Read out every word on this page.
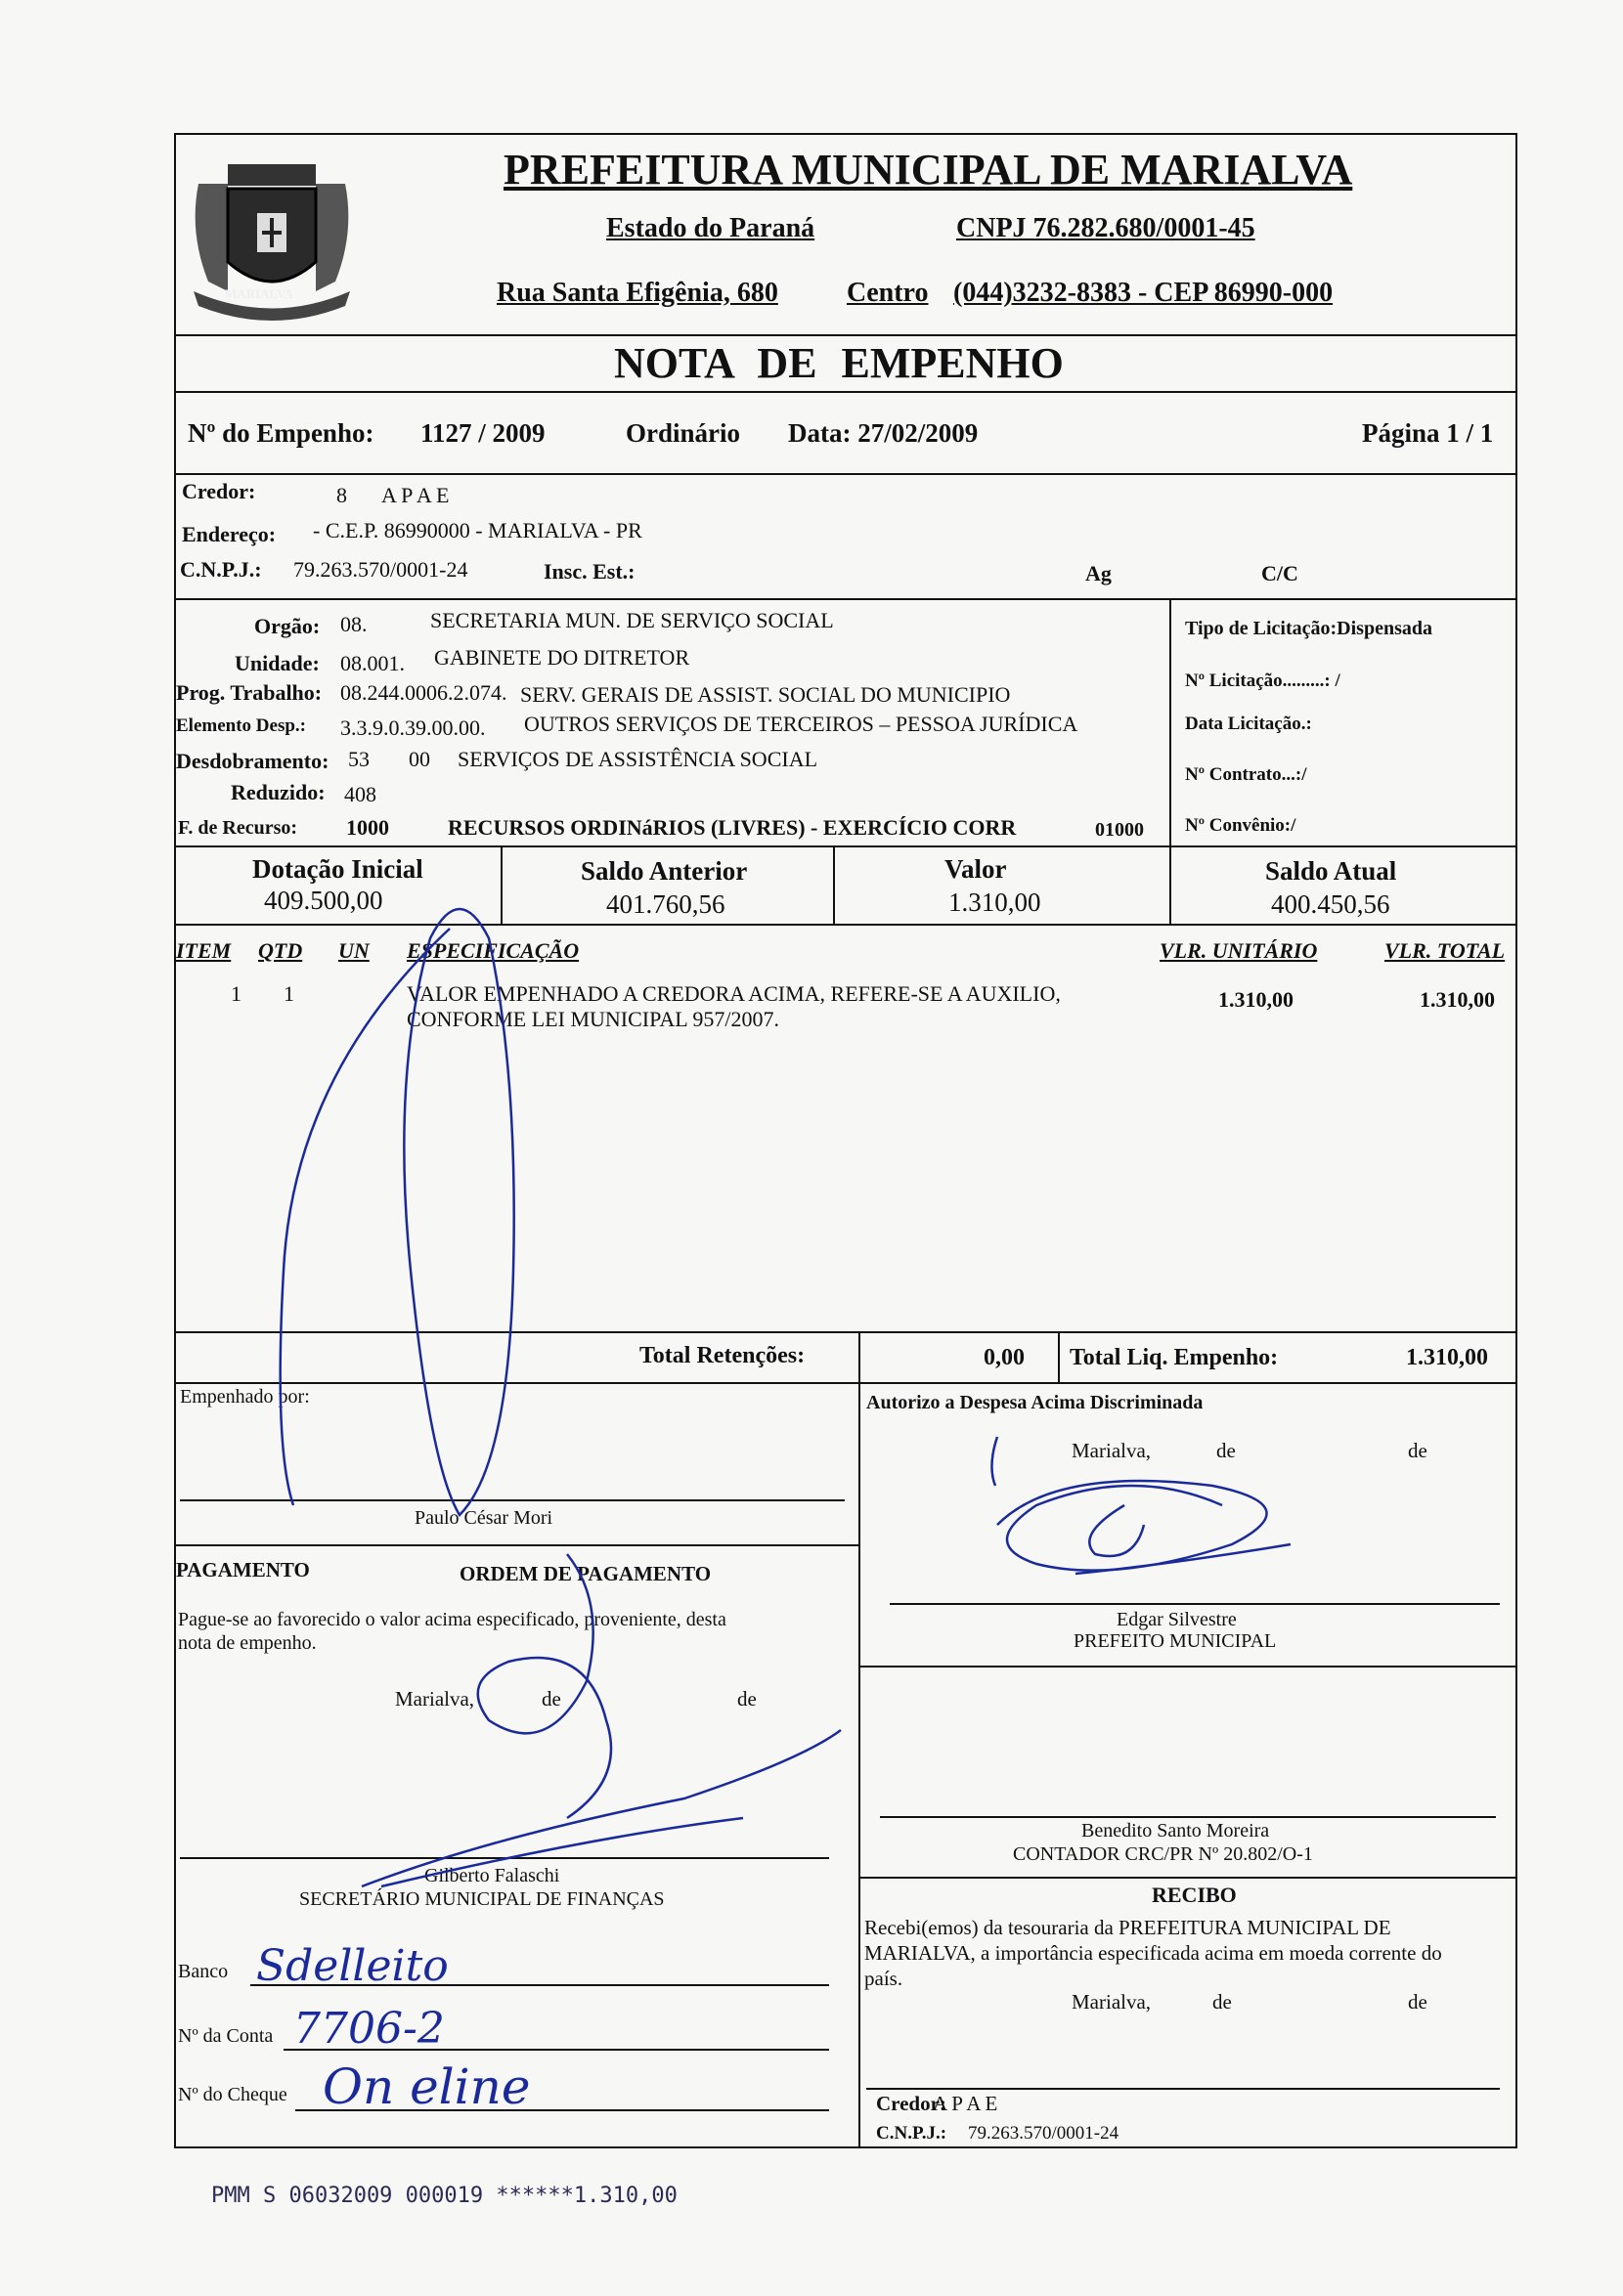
MARIALVA
PREFEITURA MUNICIPAL DE MARIALVA
Estado do Paraná	CNPJ 76.282.680/0001-45
Rua Santa Efigênia, 680	Centro (044)3232-8383 - CEP 86990-000
NOTA DE EMPENHO
Nº do Empenho: 1127 / 2009	Ordinário Data: 27/02/2009	Página 1 / 1
Credor:	8 A P A E
Endereço: - C.E.P. 86990000 - MARIALVA - PR
C.N.P.J.: 79.263.570/0001-24	Insc. Est.:	Ag	C/C
Orgão: 08.	SECRETARIA MUN. DE SERVIÇO SOCIAL
Unidade: 08.001. GABINETE DO DITRETOR
Prog. Trabalho: 08.244.0006.2.074. SERV. GERAIS DE ASSIST. SOCIAL DO MUNICIPIO
Elemento Desp.: 3.3.9.0.39.00.00. OUTROS SERVIÇOS DE TERCEIROS – PESSOA JURÍDICA
Desdobramento: 53 00 SERVIÇOS DE ASSISTÊNCIA SOCIAL
Reduzido: 408
F. de Recurso: 1000	RECURSOS ORDINáRIOS (LIVRES) - EXERCÍCIO CORR	01000
Tipo de Licitação:Dispensada
Nº Licitação.........: /
Data Licitação.:
Nº Contrato...:/
Nº Convênio:/
Dotação Inicial
409.500,00
Saldo Anterior
401.760,56
Valor
1.310,00
Saldo Atual
400.450,56
ITEM QTD UN ESPECIFICAÇÃO	VLR. UNITÁRIO	VLR. TOTAL
1 1	VALOR EMPENHADO A CREDORA ACIMA, REFERE-SE A AUXILIO,
CONFORME LEI MUNICIPAL 957/2007.
1.310,00	1.310,00
Total Retenções:	0,00 Total Liq. Empenho:	1.310,00
Empenhado por:
Paulo César Mori
Autorizo a Despesa Acima Discriminada
Marialva,	de	de
Edgar Silvestre
PREFEITO MUNICIPAL
Benedito Santo Moreira
CONTADOR CRC/PR Nº 20.802/O-1
PAGAMENTO	ORDEM DE PAGAMENTO
Pague-se ao favorecido o valor acima especificado, proveniente, desta
nota de empenho.
Marialva,	de	de
Gilberto Falaschi
SECRETÁRIO MUNICIPAL DE FINANÇAS
Banco Sdelleito
Nº da Conta 7706-2
Nº do Cheque On eline
RECIBO
Recebi(emos) da tesouraria da PREFEITURA MUNICIPAL DE
MARIALVA, a importância especificada acima em moeda corrente do
país.
Marialva,	de	de
Credor:
A P A E
C.N.P.J.: 79.263.570/0001-24
PMM S 06032009 000019 ******1.310,00
